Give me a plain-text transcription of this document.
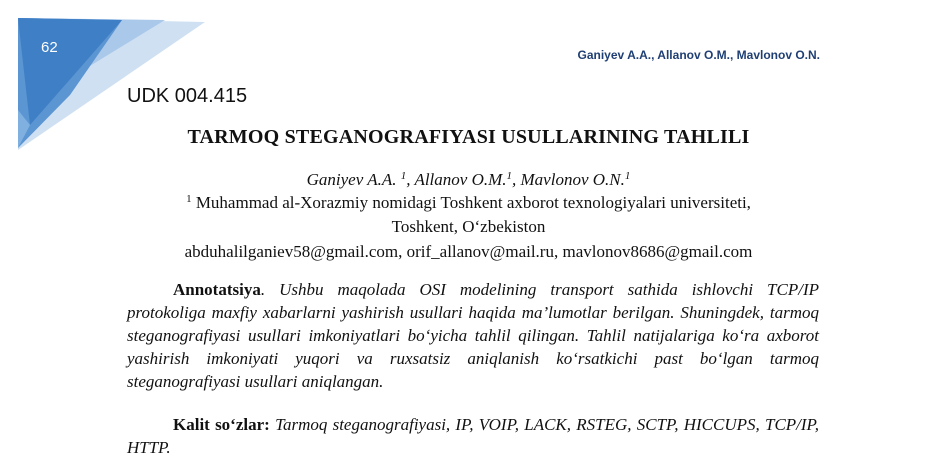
62	Ganiyev A.A., Allanov O.M., Mavlonov O.N.
UDK 004.415
TARMOQ STEGANOGRAFIYASI USULLARINING TAHLILI
Ganiyev A.A. $^1$, Allanov O.M.$^1$, Mavlonov O.N.$^1$
$^1$ Muhammad al-Xorazmiy nomidagi Toshkent axborot texnologiyalari universiteti,
Toshkent, O‘zbekiston
abduhalilganiev58@gmail.com, orif_allanov@mail.ru, mavlonov8686@gmail.com
Annotatsiya. Ushbu maqolada OSI modelining transport sathida ishlovchi TCP/IP protokoliga maxfiy xabarlarni yashirish usullari haqida ma’lumotlar berilgan. Shuningdek, tarmoq steganografiyasi usullari imkoniyatlari bo‘yicha tahlil qilingan. Tahlil natijalariga ko‘ra axborot yashirish imkoniyati yuqori va ruxsatsiz aniqlanish ko‘rsatkichi past bo‘lgan tarmoq steganografiyasi usullari aniqlangan.
Kalit so‘zlar: Tarmoq steganografiyasi, IP, VOIP, LACK, RSTEG, SCTP, HICCUPS, TCP/IP, HTTP.
